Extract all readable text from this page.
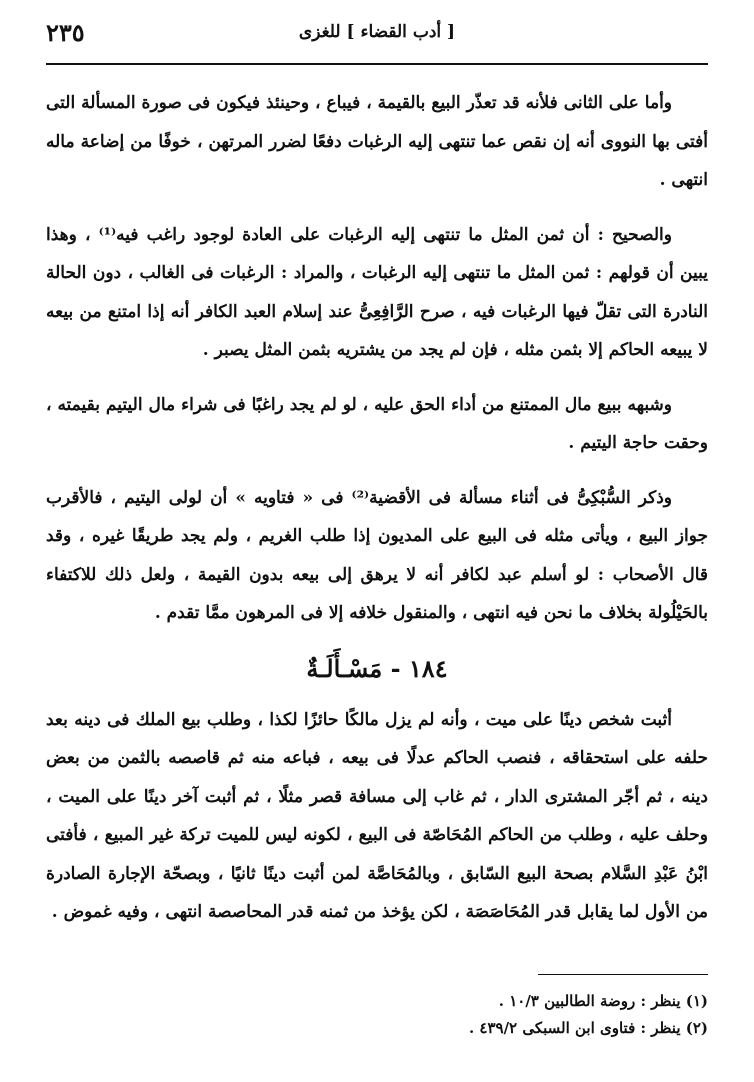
٢٣٥	[ أدب القضاء ] للغزى

وأما على الثانى فلأنه قد تعذّر البيع بالقيمة ، فيباع ، وحينئذ فيكون فى صورة المسألة التى أفتى بها النووى أنه إن نقص عما تنتهى إليه الرغبات دفعًا لضرر المرتهن ، خوفًا من إضاعة ماله انتهى .

والصحيح : أن ثمن المثل ما تنتهى إليه الرغبات على العادة لوجود راغب فيه⁽¹⁾ ، وهذا يبين أن قولهم : ثمن المثل ما تنتهى إليه الرغبات ، والمراد : الرغبات فى الغالب ، دون الحالة النادرة التى تقلّ فيها الرغبات فيه ، صرح الرَّافِعِىُّ عند إسلام العبد الكافر أنه إذا امتنع من بيعه لا يبيعه الحاكم إلا بثمن مثله ، فإن لم يجد من يشتريه بثمن المثل يصبر .

وشبهه ببيع مال الممتنع من أداء الحق عليه ، لو لم يجد راغبًا فى شراء مال اليتيم بقيمته ، وحقت حاجة اليتيم .

وذكر السُّبْكِىُّ فى أثناء مسألة فى الأقضية⁽²⁾ فى « فتاويه » أن لولى اليتيم ، فالأقرب جواز البيع ، ويأتى مثله فى البيع على المديون إذا طلب الغريم ، ولم يجد طريقًا غيره ، وقد قال الأصحاب : لو أسلم عبد لكافر أنه لا يرهق إلى بيعه بدون القيمة ، ولعل ذلك للاكتفاء بالحَيْلُولة بخلاف ما نحن فيه انتهى ، والمنقول خلافه إلا فى المرهون ممَّا تقدم .

١٨٤ - مَسْـأَلَـةٌ

أثبت شخص دينًا على ميت ، وأنه لم يزل مالكًا حائزًا لكذا ، وطلب بيع الملك فى دينه بعد حلفه على استحقاقه ، فنصب الحاكم عدلًا فى بيعه ، فباعه منه ثم قاصصه بالثمن من بعض دينه ، ثم أجّر المشترى الدار ، ثم غاب إلى مسافة قصر مثلًا ، ثم أثبت آخر دينًا على الميت ، وحلف عليه ، وطلب من الحاكم المُحَاصّة فى البيع ، لكونه ليس للميت تركة غير المبيع ، فأفتى ابْنُ عَبْدِ السَّلام بصحة البيع السّابق ، وبالمُحَاصَّة لمن أثبت دينًا ثانيًا ، وبصحّة الإجارة الصادرة من الأول لما يقابل قدر المُحَاصَصَة ، لكن يؤخذ من ثمنه قدر المحاصصة انتهى ، وفيه غموض .

(١) ينظر : روضة الطالبين ١٠/٣ .

(٢) ينظر : فتاوى ابن السبكى ٤٣٩/٢ .
